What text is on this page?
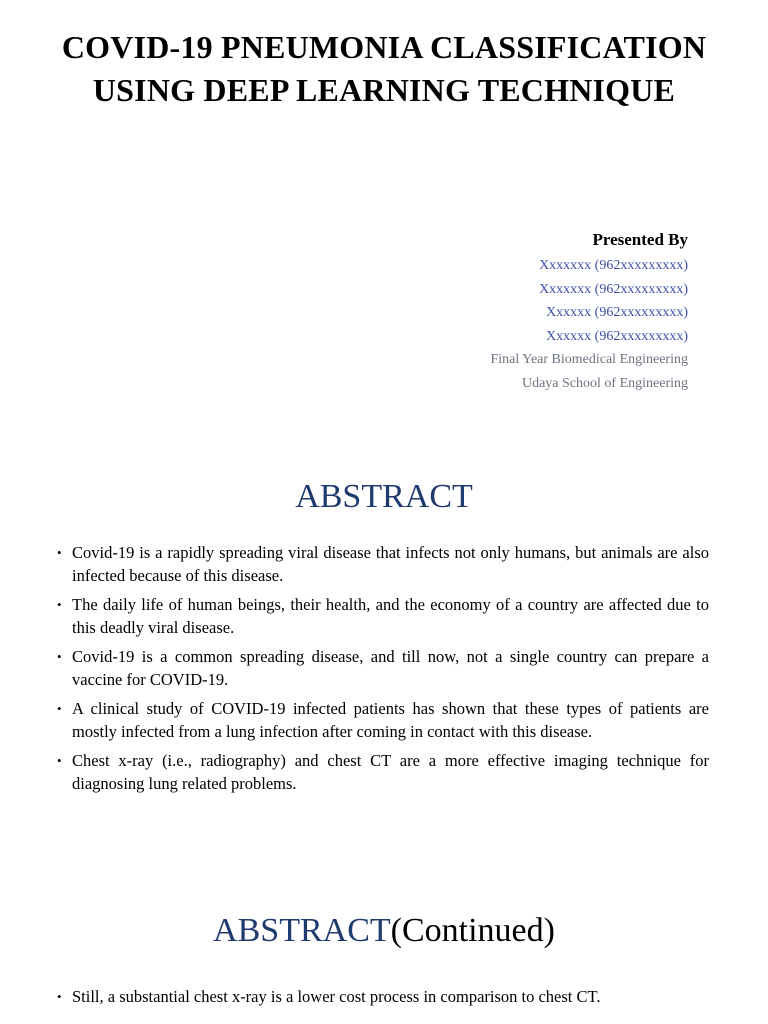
COVID-19 PNEUMONIA CLASSIFICATION USING DEEP LEARNING TECHNIQUE
Presented By
Xxxxxxx (962xxxxxxxxx)
Xxxxxxx (962xxxxxxxxx)
Xxxxxx (962xxxxxxxxx)
Xxxxxx (962xxxxxxxxx)
Final Year Biomedical Engineering
Udaya School of Engineering
ABSTRACT
• Covid-19 is a rapidly spreading viral disease that infects not only humans, but animals are also infected because of this disease.
• The daily life of human beings, their health, and the economy of a country are affected due to this deadly viral disease.
• Covid-19 is a common spreading disease, and till now, not a single country can prepare a vaccine for COVID-19.
• A clinical study of COVID-19 infected patients has shown that these types of patients are mostly infected from a lung infection after coming in contact with this disease.
• Chest x-ray (i.e., radiography) and chest CT are a more effective imaging technique for diagnosing lung related problems.
ABSTRACT(Continued)
• Still, a substantial chest x-ray is a lower cost process in comparison to chest CT.
